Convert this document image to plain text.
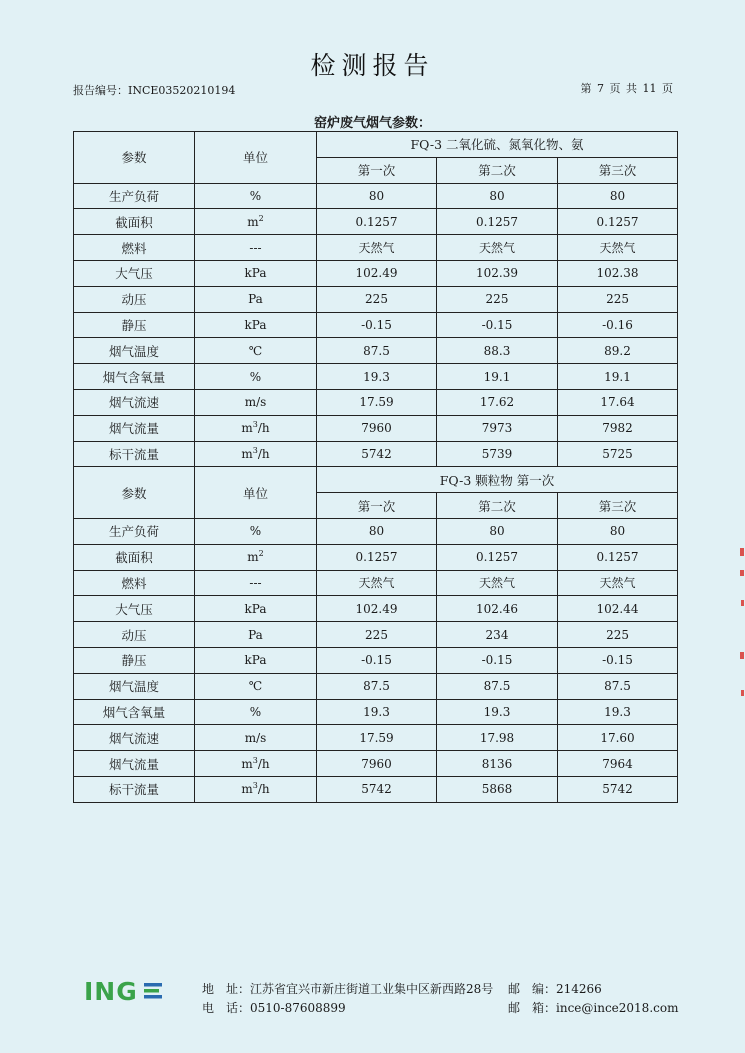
检测报告
报告编号：INCE03520210194	第 7 页 共 11 页
窑炉废气烟气参数：
参数	单位	FQ-3 二氧化硫、氮氧化物、氨		
		第一次	第二次	第三次
生产负荷	%	80	80	80
截面积	$m^2$	0.1257	0.1257	0.1257
燃料	---	天然气	天然气	天然气
大气压	kPa	102.49	102.39	102.38
动压	Pa	225	225	225
静压	kPa	-0.15	-0.15	-0.16
烟气温度	℃	87.5	88.3	89.2
烟气含氧量	%	19.3	19.1	19.1
烟气流速	m/s	17.59	17.62	17.64
烟气流量	$m^3/h$	7960	7973	7982
标干流量	$m^3/h$	5742	5739	5725
参数	单位	FQ-3 颗粒物 第一次		
		第一次	第二次	第三次
生产负荷	%	80	80	80
截面积	$m^2$	0.1257	0.1257	0.1257
燃料	---	天然气	天然气	天然气
大气压	kPa	102.49	102.46	102.44
动压	Pa	225	234	225
静压	kPa	-0.15	-0.15	-0.15
烟气温度	℃	87.5	87.5	87.5
烟气含氧量	%	19.3	19.3	19.3
烟气流速	m/s	17.59	17.98	17.60
烟气流量	$m^3/h$	7960	8136	7964
标干流量	$m^3/h$	5742	5868	5742
ING	地　址：江苏省宜兴市新庄街道工业集中区新西路28号
电　话：0510-87608899
邮　编：214266
邮　箱：ince@ince2018.com
